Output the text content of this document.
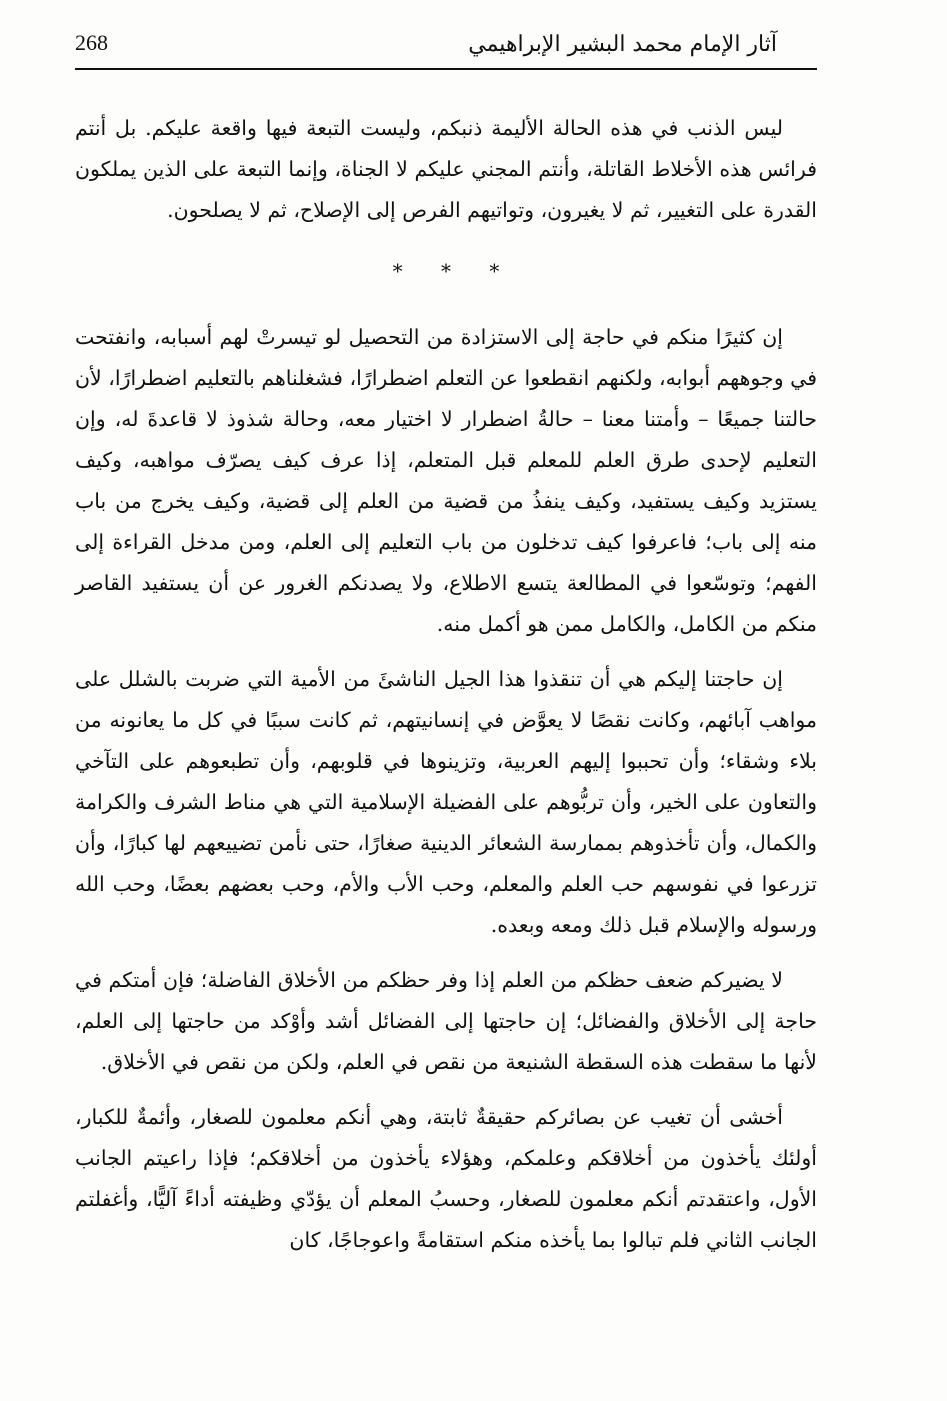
268	آثار الإمام محمد البشير الإبراهيمي

ليس الذنب في هذه الحالة الأليمة ذنبكم، وليست التبعة فيها واقعة عليكم. بل أنتم فرائس هذه الأخلاط القاتلة، وأنتم المجني عليكم لا الجناة، وإنما التبعة على الذين يملكون القدرة على التغيير، ثم لا يغيرون، وتواتيهم الفرص إلى الإصلاح، ثم لا يصلحون.

* * *

إن كثيرًا منكم في حاجة إلى الاستزادة من التحصيل لو تيسرتْ لهم أسبابه، وانفتحت في وجوههم أبوابه، ولكنهم انقطعوا عن التعلم اضطرارًا، فشغلناهم بالتعليم اضطرارًا، لأن حالتنا جميعًا – وأمتنا معنا – حالةُ اضطرار لا اختيار معه، وحالة شذوذ لا قاعدةَ له، وإن التعليم لإحدى طرق العلم للمعلم قبل المتعلم، إذا عرف كيف يصرّف مواهبه، وكيف يستزيد وكيف يستفيد، وكيف ينفذُ من قضية من العلم إلى قضية، وكيف يخرج من باب منه إلى باب؛ فاعرفوا كيف تدخلون من باب التعليم إلى العلم، ومن مدخل القراءة إلى الفهم؛ وتوسّعوا في المطالعة يتسع الاطلاع، ولا يصدنكم الغرور عن أن يستفيد القاصر منكم من الكامل، والكامل ممن هو أكمل منه.

إن حاجتنا إليكم هي أن تنقذوا هذا الجيل الناشئَ من الأمية التي ضربت بالشلل على مواهب آبائهم، وكانت نقصًا لا يعوَّض في إنسانيتهم، ثم كانت سببًا في كل ما يعانونه من بلاء وشقاء؛ وأن تحببوا إليهم العربية، وتزينوها في قلوبهم، وأن تطبعوهم على التآخي والتعاون على الخير، وأن تربُّوهم على الفضيلة الإسلامية التي هي مناط الشرف والكرامة والكمال، وأن تأخذوهم بممارسة الشعائر الدينية صغارًا، حتى نأمن تضييعهم لها كبارًا، وأن تزرعوا في نفوسهم حب العلم والمعلم، وحب الأب والأم، وحب بعضهم بعضًا، وحب الله ورسوله والإسلام قبل ذلك ومعه وبعده.

لا يضيركم ضعف حظكم من العلم إذا وفر حظكم من الأخلاق الفاضلة؛ فإن أمتكم في حاجة إلى الأخلاق والفضائل؛ إن حاجتها إلى الفضائل أشد وأوْكد من حاجتها إلى العلم، لأنها ما سقطت هذه السقطة الشنيعة من نقص في العلم، ولكن من نقص في الأخلاق.

أخشى أن تغيب عن بصائركم حقيقةٌ ثابتة، وهي أنكم معلمون للصغار، وأئمةٌ للكبار، أولئك يأخذون من أخلاقكم وعلمكم، وهؤلاء يأخذون من أخلاقكم؛ فإذا راعيتم الجانب الأول، واعتقدتم أنكم معلمون للصغار، وحسبُ المعلم أن يؤدّي وظيفته أداءً آليًّا، وأغفلتم الجانب الثاني فلم تبالوا بما يأخذه منكم استقامةً واعوجاجًا، كان
